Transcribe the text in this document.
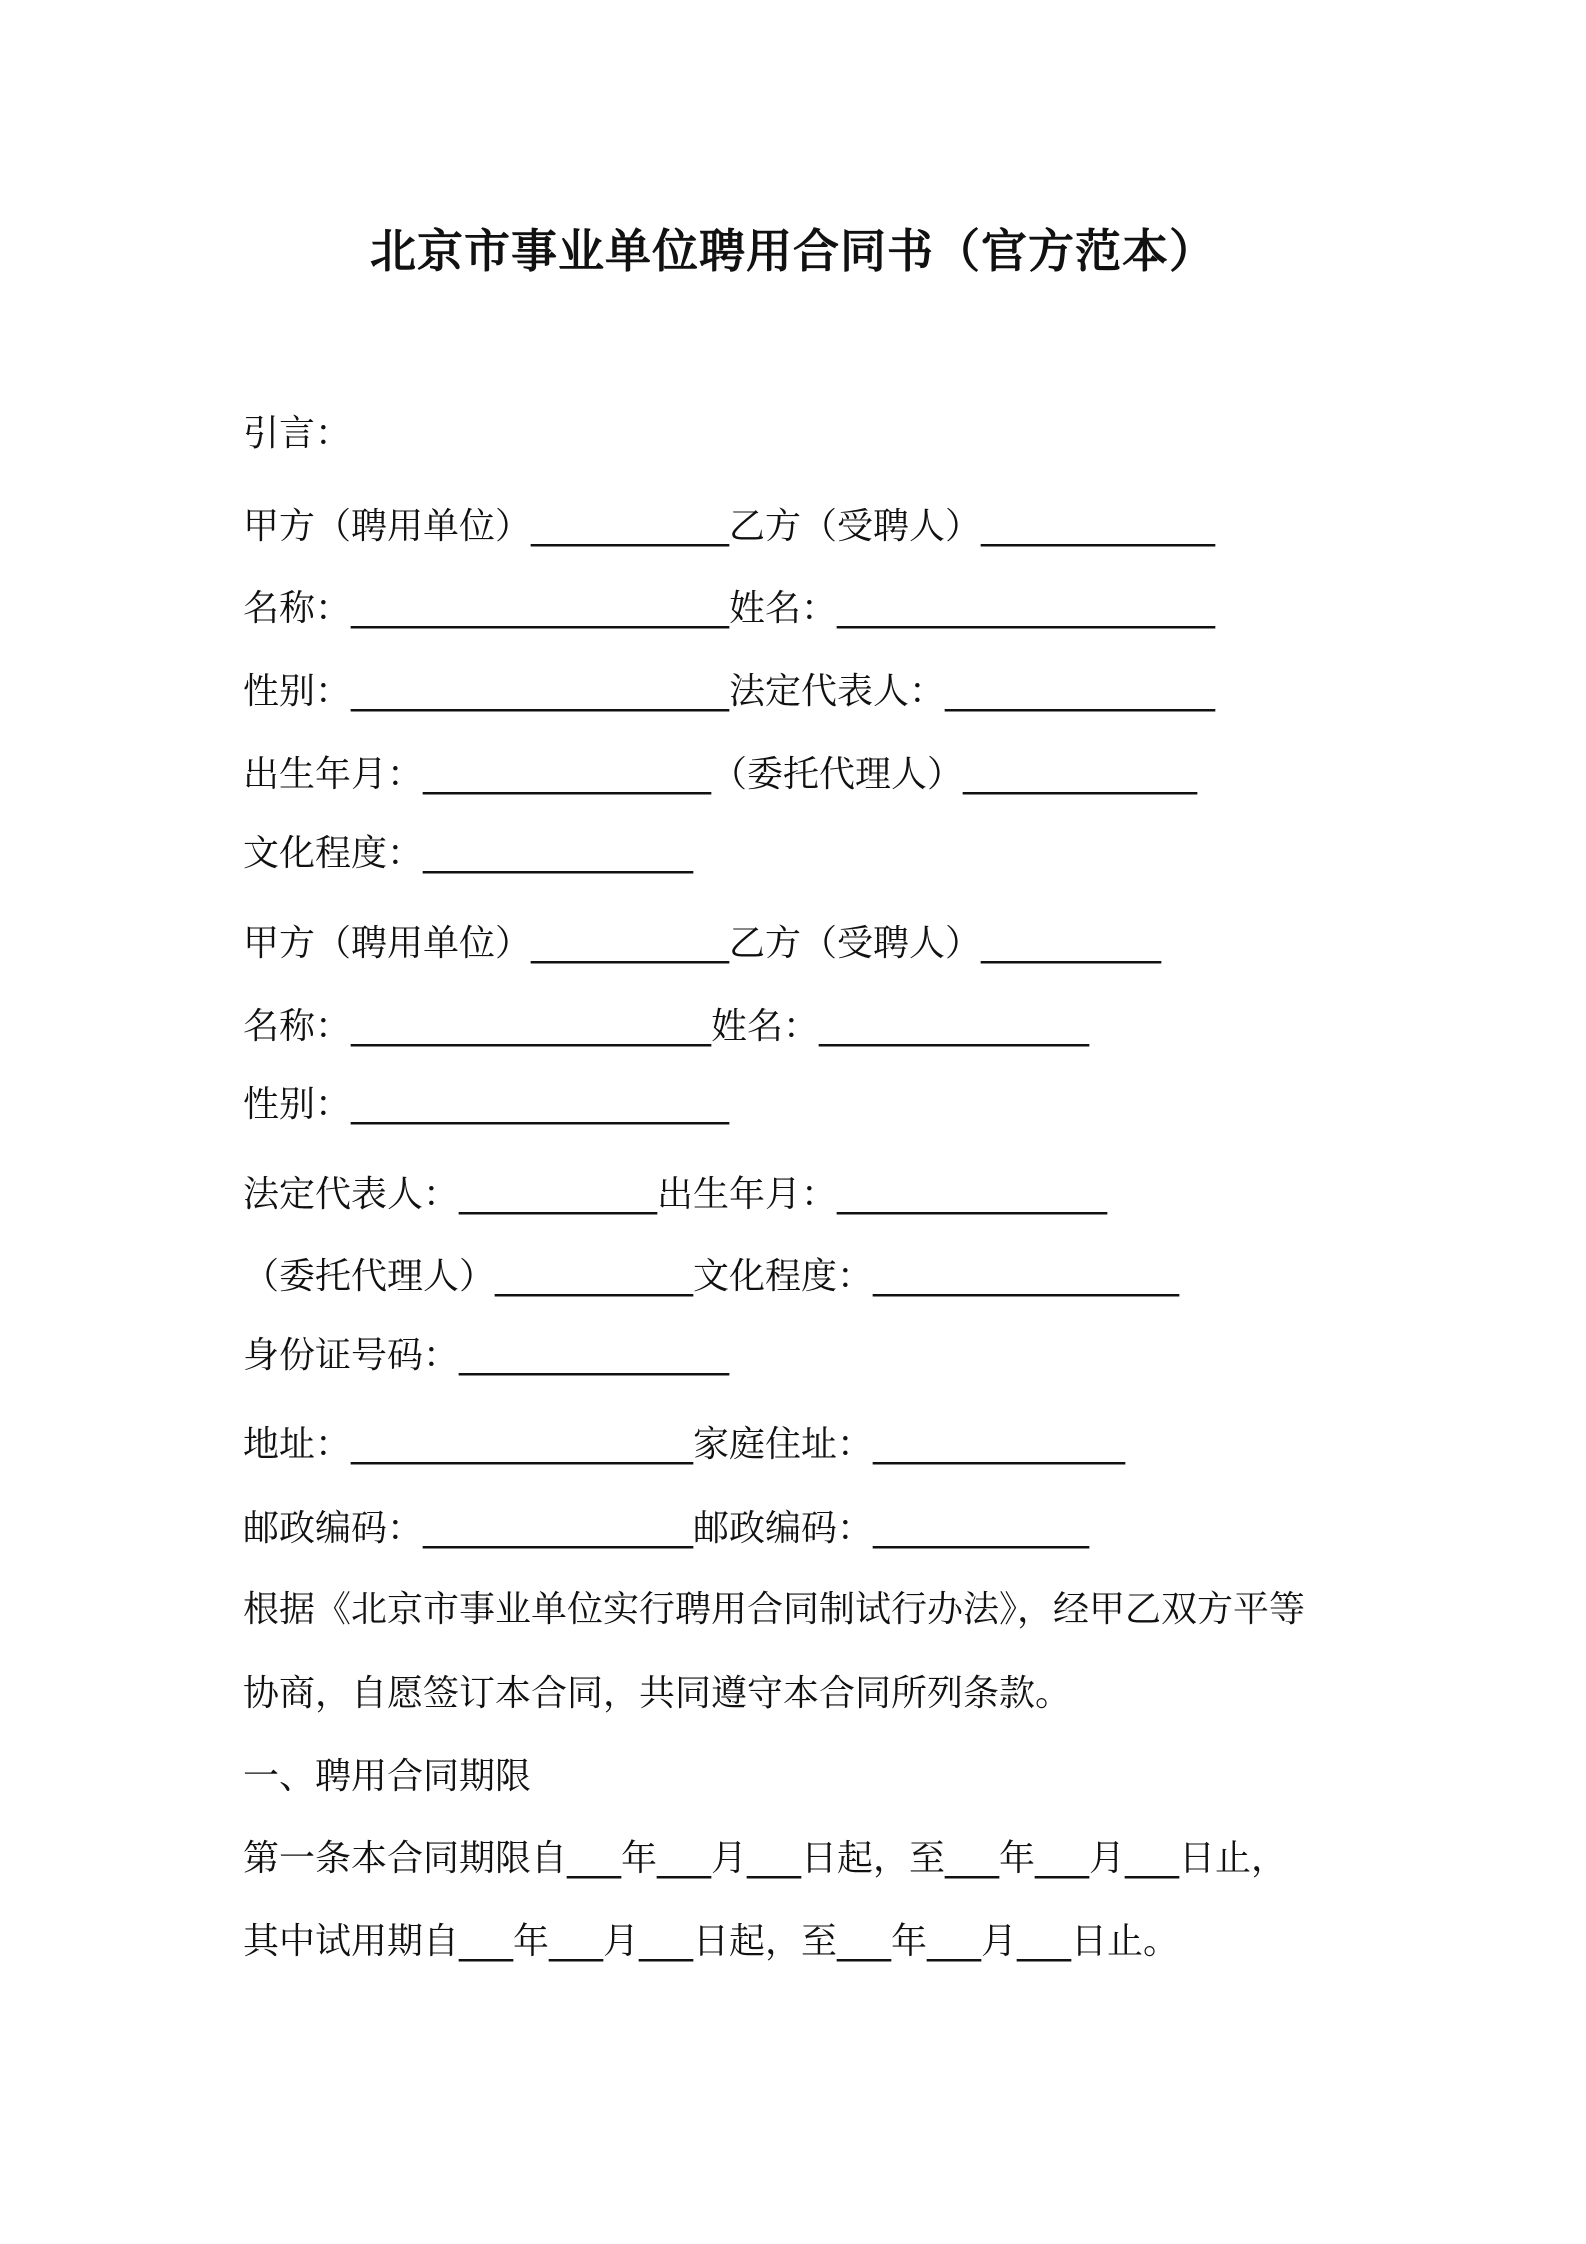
北京市事业单位聘用合同书（官方范本）
引言：
甲方（聘用单位）___________乙方（受聘人）_____________
名称：_____________________姓名：_____________________
性别：_____________________法定代表人：_______________
出生年月：________________（委托代理人）_____________
文化程度：_______________
甲方（聘用单位）___________乙方（受聘人）__________
名称：____________________姓名：_______________
性别：_____________________
法定代表人：___________出生年月：_______________
（委托代理人）___________文化程度：_________________
身份证号码：_______________
地址：___________________家庭住址：______________
邮政编码：_______________邮政编码：____________
根据《北京市事业单位实行聘用合同制试行办法》，经甲乙双方平等
协商，自愿签订本合同，共同遵守本合同所列条款。
一、聘用合同期限
第一条本合同期限自___年___月___日起，至___年___月___日止，
其中试用期自___年___月___日起，至___年___月___日止。
